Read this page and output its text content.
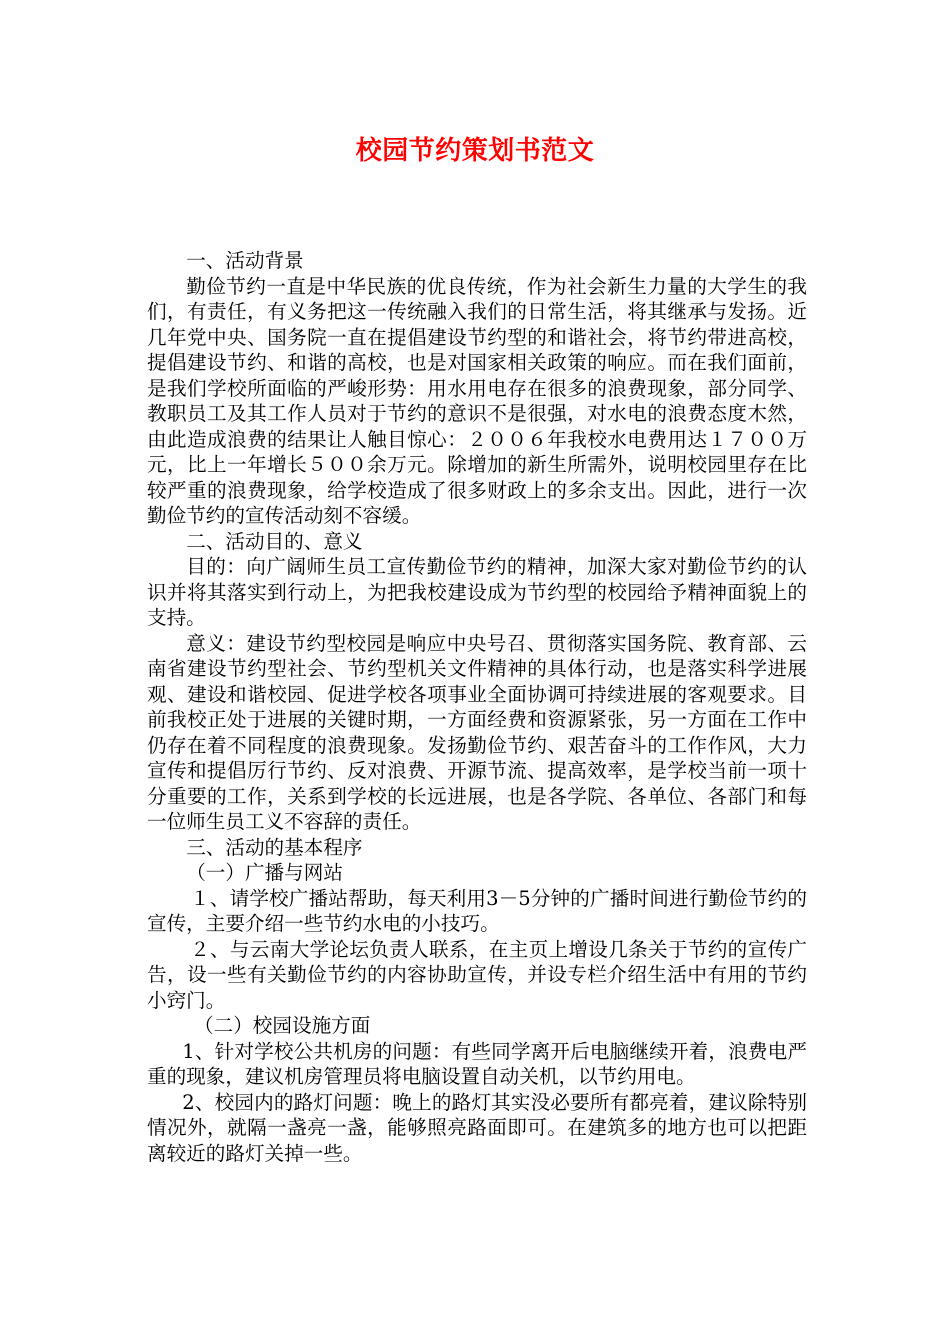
校园节约策划书范文

一、活动背景

勤俭节约一直是中华民族的优良传统，作为社会新生力量的大学生的我们，有责任，有义务把这一传统融入我们的日常生活，将其继承与发扬。近几年党中央、国务院一直在提倡建设节约型的和谐社会，将节约带进高校，提倡建设节约、和谐的高校，也是对国家相关政策的响应。而在我们面前，是我们学校所面临的严峻形势：用水用电存在很多的浪费现象，部分同学、教职员工及其工作人员对于节约的意识不是很强，对水电的浪费态度木然，由此造成浪费的结果让人触目惊心：２００６年我校水电费用达１７００万元，比上一年增长５００余万元。除增加的新生所需外，说明校园里存在比较严重的浪费现象，给学校造成了很多财政上的多余支出。因此，进行一次勤俭节约的宣传活动刻不容缓。

二、活动目的、意义

目的：向广阔师生员工宣传勤俭节约的精神，加深大家对勤俭节约的认识并将其落实到行动上，为把我校建设成为节约型的校园给予精神面貌上的支持。

意义：建设节约型校园是响应中央号召、贯彻落实国务院、教育部、云南省建设节约型社会、节约型机关文件精神的具体行动，也是落实科学进展观、建设和谐校园、促进学校各项事业全面协调可持续进展的客观要求。目前我校正处于进展的关键时期，一方面经费和资源紧张，另一方面在工作中仍存在着不同程度的浪费现象。发扬勤俭节约、艰苦奋斗的工作作风，大力宣传和提倡厉行节约、反对浪费、开源节流、提高效率，是学校当前一项十分重要的工作，关系到学校的长远进展，也是各学院、各单位、各部门和每一位师生员工义不容辞的责任。

三、活动的基本程序

（一）广播与网站

１、请学校广播站帮助，每天利用3－5分钟的广播时间进行勤俭节约的宣传，主要介绍一些节约水电的小技巧。

２、与云南大学论坛负责人联系，在主页上增设几条关于节约的宣传广告，设一些有关勤俭节约的内容协助宣传，并设专栏介绍生活中有用的节约小窍门。

（二）校园设施方面

1、针对学校公共机房的问题：有些同学离开后电脑继续开着，浪费电严重的现象，建议机房管理员将电脑设置自动关机，以节约用电。

2、校园内的路灯问题：晚上的路灯其实没必要所有都亮着，建议除特别情况外，就隔一盏亮一盏，能够照亮路面即可。在建筑多的地方也可以把距离较近的路灯关掉一些。
